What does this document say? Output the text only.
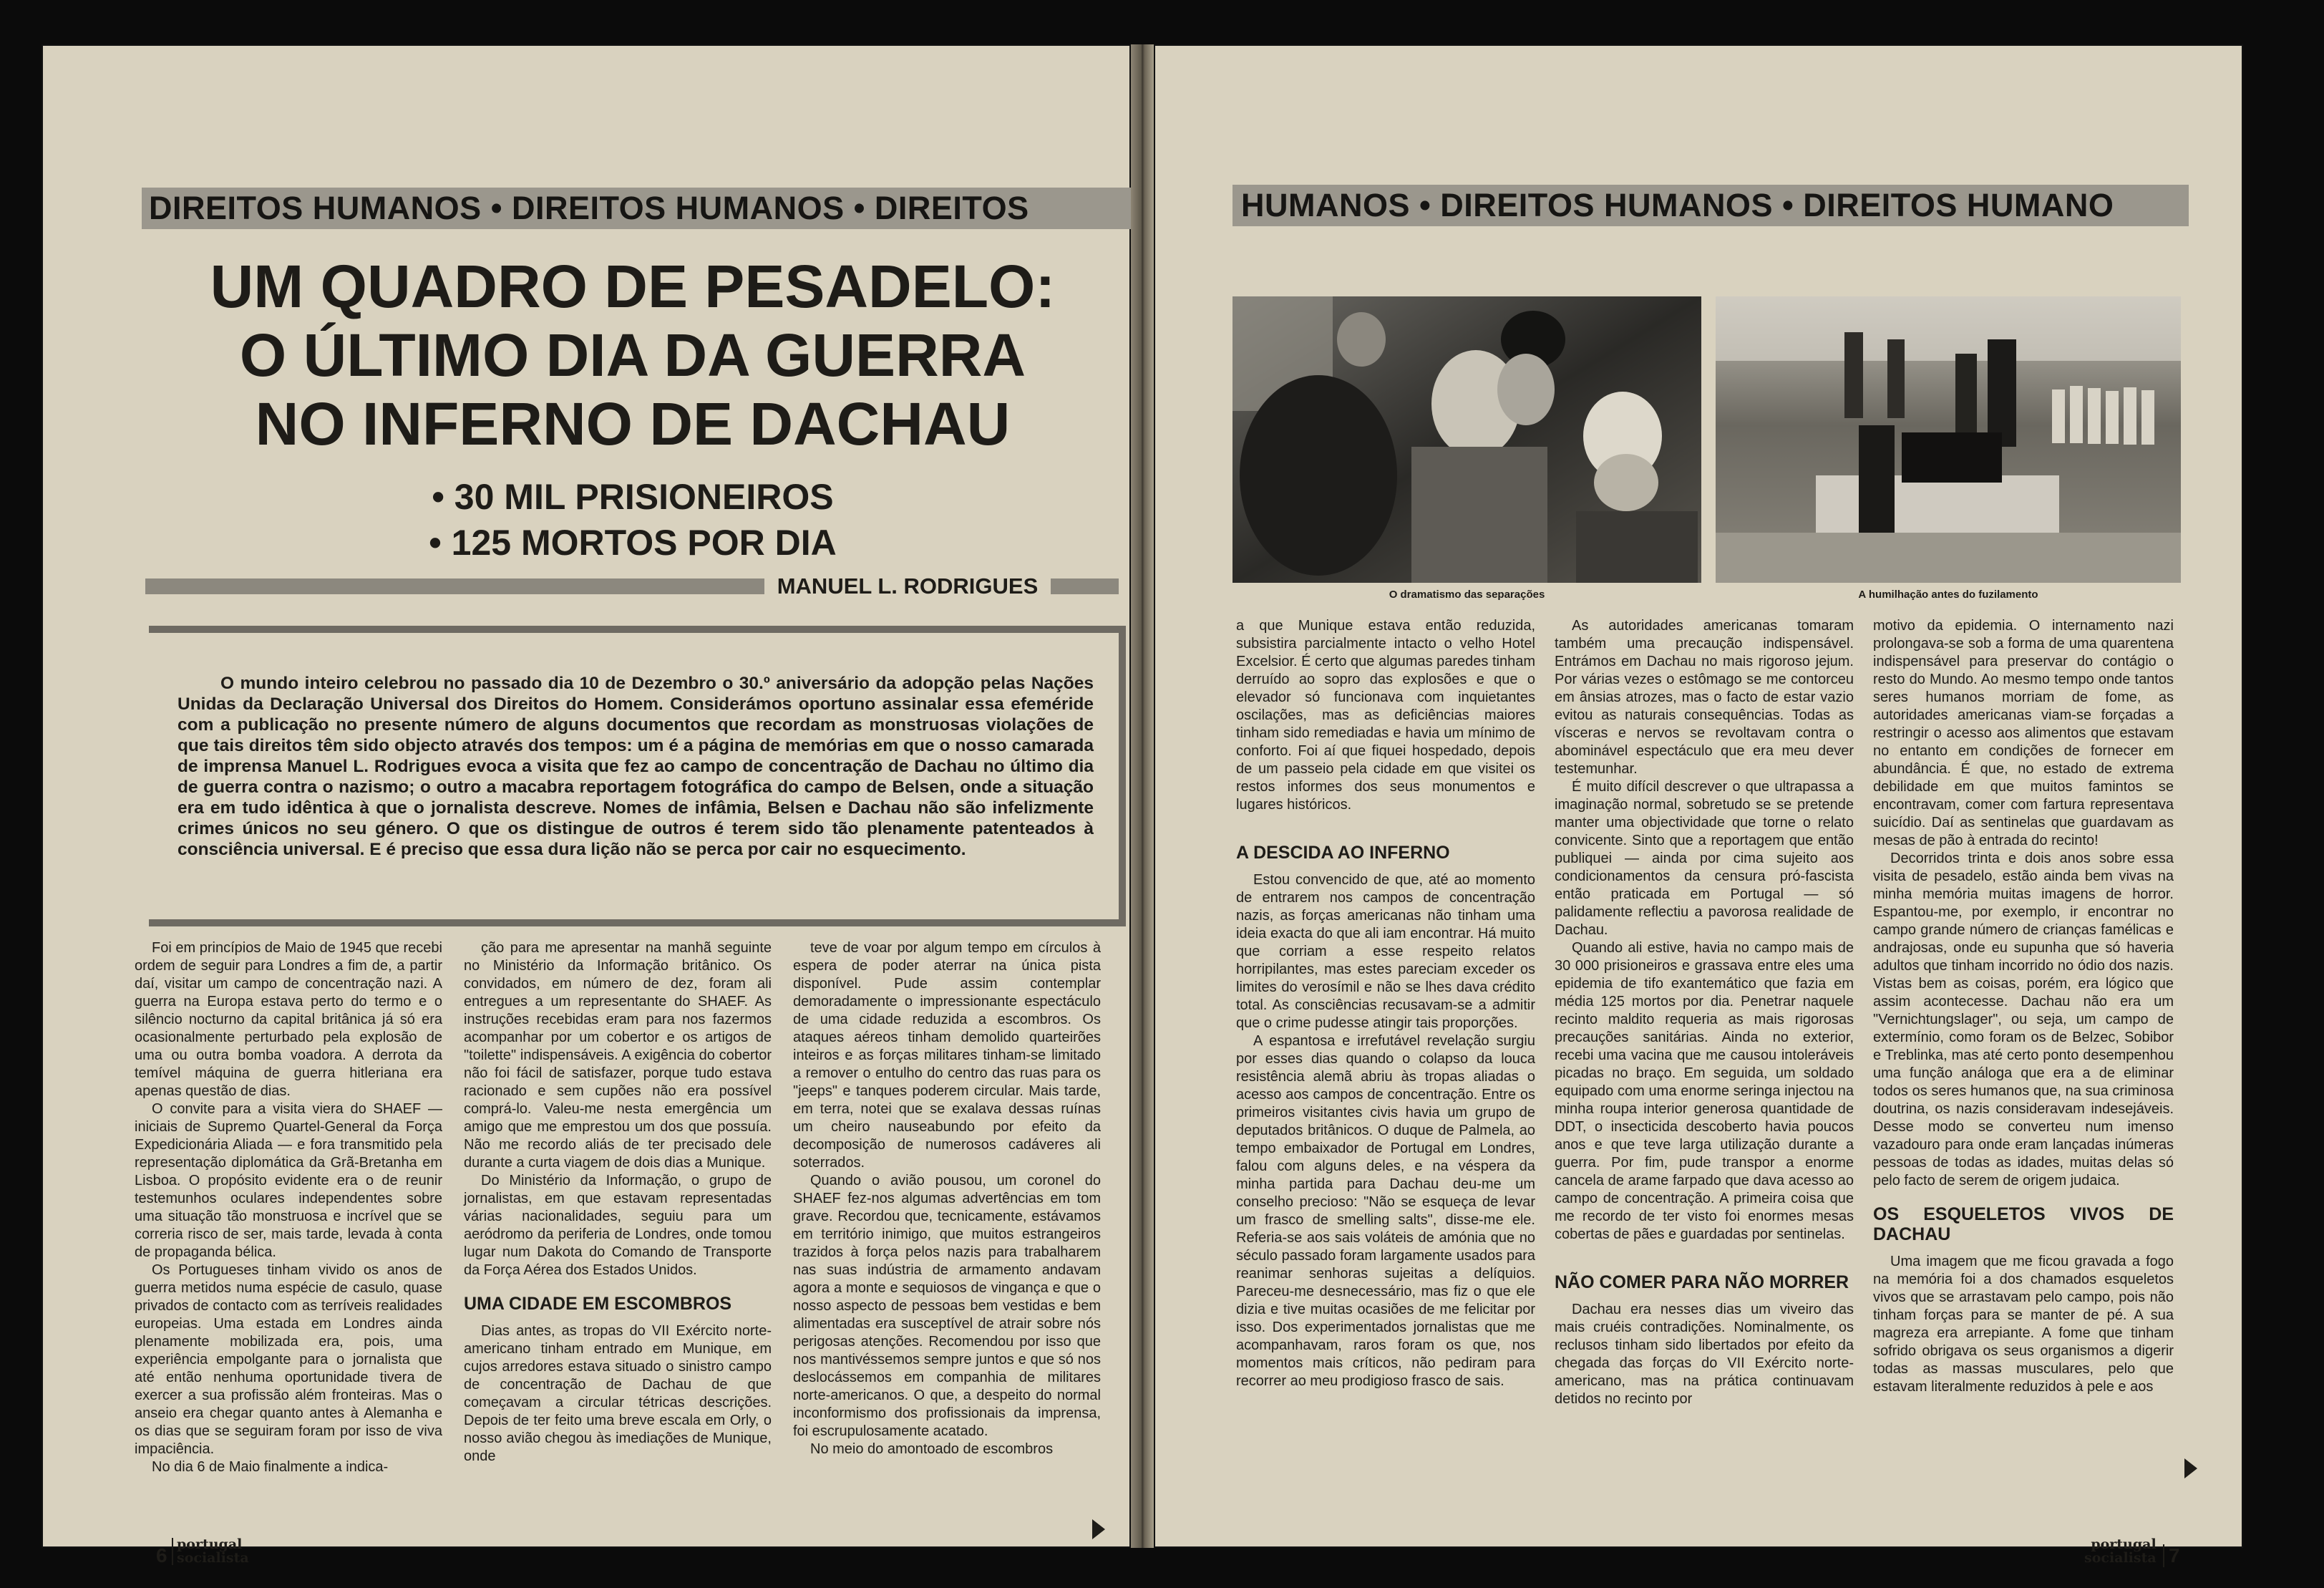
DIREITOS HUMANOS • DIREITOS HUMANOS • DIREITOS
UM QUADRO DE PESADELO:
O ÚLTIMO DIA DA GUERRA
NO INFERNO DE DACHAU
• 30 MIL PRISIONEIROS
• 125 MORTOS POR DIA
MANUEL L. RODRIGUES

O mundo inteiro celebrou no passado dia 10 de Dezembro o 30.º aniversário da adopção pelas Nações Unidas da Declaração Universal dos Direitos do Homem. Considerámos oportuno assinalar essa efeméride com a publicação no presente número de alguns documentos que recordam as monstruosas violações de que tais direitos têm sido objecto através dos tempos: um é a página de memórias em que o nosso camarada de imprensa Manuel L. Rodrigues evoca a visita que fez ao campo de concentração de Dachau no último dia de guerra contra o nazismo; o outro a macabra reportagem fotográfica do campo de Belsen, onde a situação era em tudo idêntica à que o jornalista descreve. Nomes de infâmia, Belsen e Dachau não são infelizmente crimes únicos no seu género. O que os distingue de outros é terem sido tão plenamente patenteados à consciência universal. E é preciso que essa dura lição não se perca por cair no esquecimento.

Foi em princípios de Maio de 1945 que recebi ordem de seguir para Londres a fim de, a partir daí, visitar um campo de concentração nazi. A guerra na Europa estava perto do termo e o silêncio nocturno da capital britânica já só era ocasionalmente perturbado pela explosão de uma ou outra bomba voadora. A derrota da temível máquina de guerra hitleriana era apenas questão de dias.

O convite para a visita viera do SHAEF — iniciais de Supremo Quartel-General da Força Expedicionária Aliada — e fora transmitido pela representação diplomática da Grã-Bretanha em Lisboa. O propósito evidente era o de reunir testemunhos oculares independentes sobre uma situação tão monstruosa e incrível que se correria risco de ser, mais tarde, levada à conta de propaganda bélica.

Os Portugueses tinham vivido os anos de guerra metidos numa espécie de casulo, quase privados de contacto com as terríveis realidades europeias. Uma estada em Londres ainda plenamente mobilizada era, pois, uma experiência empolgante para o jornalista que até então nenhuma oportunidade tivera de exercer a sua profissão além fronteiras. Mas o anseio era chegar quanto antes à Alemanha e os dias que se seguiram foram por isso de viva impaciência.

No dia 6 de Maio finalmente a indica-

ção para me apresentar na manhã seguinte no Ministério da Informação britânico. Os convidados, em número de dez, foram ali entregues a um representante do SHAEF. As instruções recebidas eram para nos fazermos acompanhar por um cobertor e os artigos de "toilette" indispensáveis. A exigência do cobertor não foi fácil de satisfazer, porque tudo estava racionado e sem cupões não era possível comprá-lo. Valeu-me nesta emergência um amigo que me emprestou um dos que possuía. Não me recordo aliás de ter precisado dele durante a curta viagem de dois dias a Munique.

Do Ministério da Informação, o grupo de jornalistas, em que estavam representadas várias nacionalidades, seguiu para um aeródromo da periferia de Londres, onde tomou lugar num Dakota do Comando de Transporte da Força Aérea dos Estados Unidos.

UMA CIDADE EM ESCOMBROS

Dias antes, as tropas do VII Exército norte-americano tinham entrado em Munique, em cujos arredores estava situado o sinistro campo de concentração de Dachau de que começavam a circular tétricas descrições. Depois de ter feito uma breve escala em Orly, o nosso avião chegou às imediações de Munique, onde

teve de voar por algum tempo em círculos à espera de poder aterrar na única pista disponível. Pude assim contemplar demoradamente o impressionante espectáculo de uma cidade reduzida a escombros. Os ataques aéreos tinham demolido quarteirões inteiros e as forças militares tinham-se limitado a remover o entulho do centro das ruas para os "jeeps" e tanques poderem circular. Mais tarde, em terra, notei que se exalava dessas ruínas um cheiro nauseabundo por efeito da decomposição de numerosos cadáveres ali soterrados.

Quando o avião pousou, um coronel do SHAEF fez-nos algumas advertências em tom grave. Recordou que, tecnicamente, estávamos em território inimigo, que muitos estrangeiros trazidos à força pelos nazis para trabalharem nas suas indústria de armamento andavam agora a monte e sequiosos de vingança e que o nosso aspecto de pessoas bem vestidas e bem alimentadas era susceptível de atrair sobre nós perigosas atenções. Recomendou por isso que nos mantivéssemos sempre juntos e que só nos deslocássemos em companhia de militares norte-americanos. O que, a despeito do normal inconformismo dos profissionais da imprensa, foi escrupulosamente acatado.

No meio do amontoado de escombros

6 portugal
socialista
HUMANOS • DIREITOS HUMANOS • DIREITOS HUMANO
O dramatismo das separações	A humilhação antes do fuzilamento

a que Munique estava então reduzida, subsistira parcialmente intacto o velho Hotel Excelsior. É certo que algumas paredes tinham derruído ao sopro das explosões e que o elevador só funcionava com inquietantes oscilações, mas as deficiências maiores tinham sido remediadas e havia um mínimo de conforto. Foi aí que fiquei hospedado, depois de um passeio pela cidade em que visitei os restos informes dos seus monumentos e lugares históricos.

A DESCIDA AO INFERNO

Estou convencido de que, até ao momento de entrarem nos campos de concentração nazis, as forças americanas não tinham uma ideia exacta do que ali iam encontrar. Há muito que corriam a esse respeito relatos horripilantes, mas estes pareciam exceder os limites do verosímil e não se lhes dava crédito total. As consciências recusavam-se a admitir que o crime pudesse atingir tais proporções.

A espantosa e irrefutável revelação surgiu por esses dias quando o colapso da louca resistência alemã abriu às tropas aliadas o acesso aos campos de concentração. Entre os primeiros visitantes civis havia um grupo de deputados britânicos. O duque de Palmela, ao tempo embaixador de Portugal em Londres, falou com alguns deles, e na véspera da minha partida para Dachau deu-me um conselho precioso: "Não se esqueça de levar um frasco de smelling salts", disse-me ele. Referia-se aos sais voláteis de amónia que no século passado foram largamente usados para reanimar senhoras sujeitas a delíquios. Pareceu-me desnecessário, mas fiz o que ele dizia e tive muitas ocasiões de me felicitar por isso. Dos experimentados jornalistas que me acompanhavam, raros foram os que, nos momentos mais críticos, não pediram para recorrer ao meu prodigioso frasco de sais.

As autoridades americanas tomaram também uma precaução indispensável. Entrámos em Dachau no mais rigoroso jejum. Por várias vezes o estômago se me contorceu em ânsias atrozes, mas o facto de estar vazio evitou as naturais consequências. Todas as vísceras e nervos se revoltavam contra o abominável espectáculo que era meu dever testemunhar.

É muito difícil descrever o que ultrapassa a imaginação normal, sobretudo se se pretende manter uma objectividade que torne o relato convicente. Sinto que a reportagem que então publiquei — ainda por cima sujeito aos condicionamentos da censura pró-fascista então praticada em Portugal — só palidamente reflectiu a pavorosa realidade de Dachau.

Quando ali estive, havia no campo mais de 30 000 prisioneiros e grassava entre eles uma epidemia de tifo exantemático que fazia em média 125 mortos por dia. Penetrar naquele recinto maldito requeria as mais rigorosas precauções sanitárias. Ainda no exterior, recebi uma vacina que me causou intoleráveis picadas no braço. Em seguida, um soldado equipado com uma enorme seringa injectou na minha roupa interior generosa quantidade de DDT, o insecticida descoberto havia poucos anos e que teve larga utilização durante a guerra. Por fim, pude transpor a enorme cancela de arame farpado que dava acesso ao campo de concentração. A primeira coisa que me recordo de ter visto foi enormes mesas cobertas de pães e guardadas por sentinelas.

NÃO COMER PARA NÃO MORRER

Dachau era nesses dias um viveiro das mais cruéis contradições. Nominalmente, os reclusos tinham sido libertados por efeito da chegada das forças do VII Exército norte-americano, mas na prática continuavam detidos no recinto por

motivo da epidemia. O internamento nazi prolongava-se sob a forma de uma quarentena indispensável para preservar do contágio o resto do Mundo. Ao mesmo tempo onde tantos seres humanos morriam de fome, as autoridades americanas viam-se forçadas a restringir o acesso aos alimentos que estavam no entanto em condições de fornecer em abundância. É que, no estado de extrema debilidade em que muitos famintos se encontravam, comer com fartura representava suicídio. Daí as sentinelas que guardavam as mesas de pão à entrada do recinto!

Decorridos trinta e dois anos sobre essa visita de pesadelo, estão ainda bem vivas na minha memória muitas imagens de horror. Espantou-me, por exemplo, ir encontrar no campo grande número de crianças famélicas e andrajosas, onde eu supunha que só haveria adultos que tinham incorrido no ódio dos nazis. Vistas bem as coisas, porém, era lógico que assim acontecesse. Dachau não era um "Vernichtungslager", ou seja, um campo de extermínio, como foram os de Belzec, Sobibor e Treblinka, mas até certo ponto desempenhou uma função análoga que era a de eliminar todos os seres humanos que, na sua criminosa doutrina, os nazis consideravam indesejáveis. Desse modo se converteu num imenso vazadouro para onde eram lançadas inúmeras pessoas de todas as idades, muitas delas só pelo facto de serem de origem judaica.

OS ESQUELETOS VIVOS DE DACHAU

Uma imagem que me ficou gravada a fogo na memória foi a dos chamados esqueletos vivos que se arrastavam pelo campo, pois não tinham forças para se manter de pé. A sua magreza era arrepiante. A fome que tinham sofrido obrigava os seus organismos a digerir todas as massas musculares, pelo que estavam literalmente reduzidos à pele e aos

portugal
socialista 7
